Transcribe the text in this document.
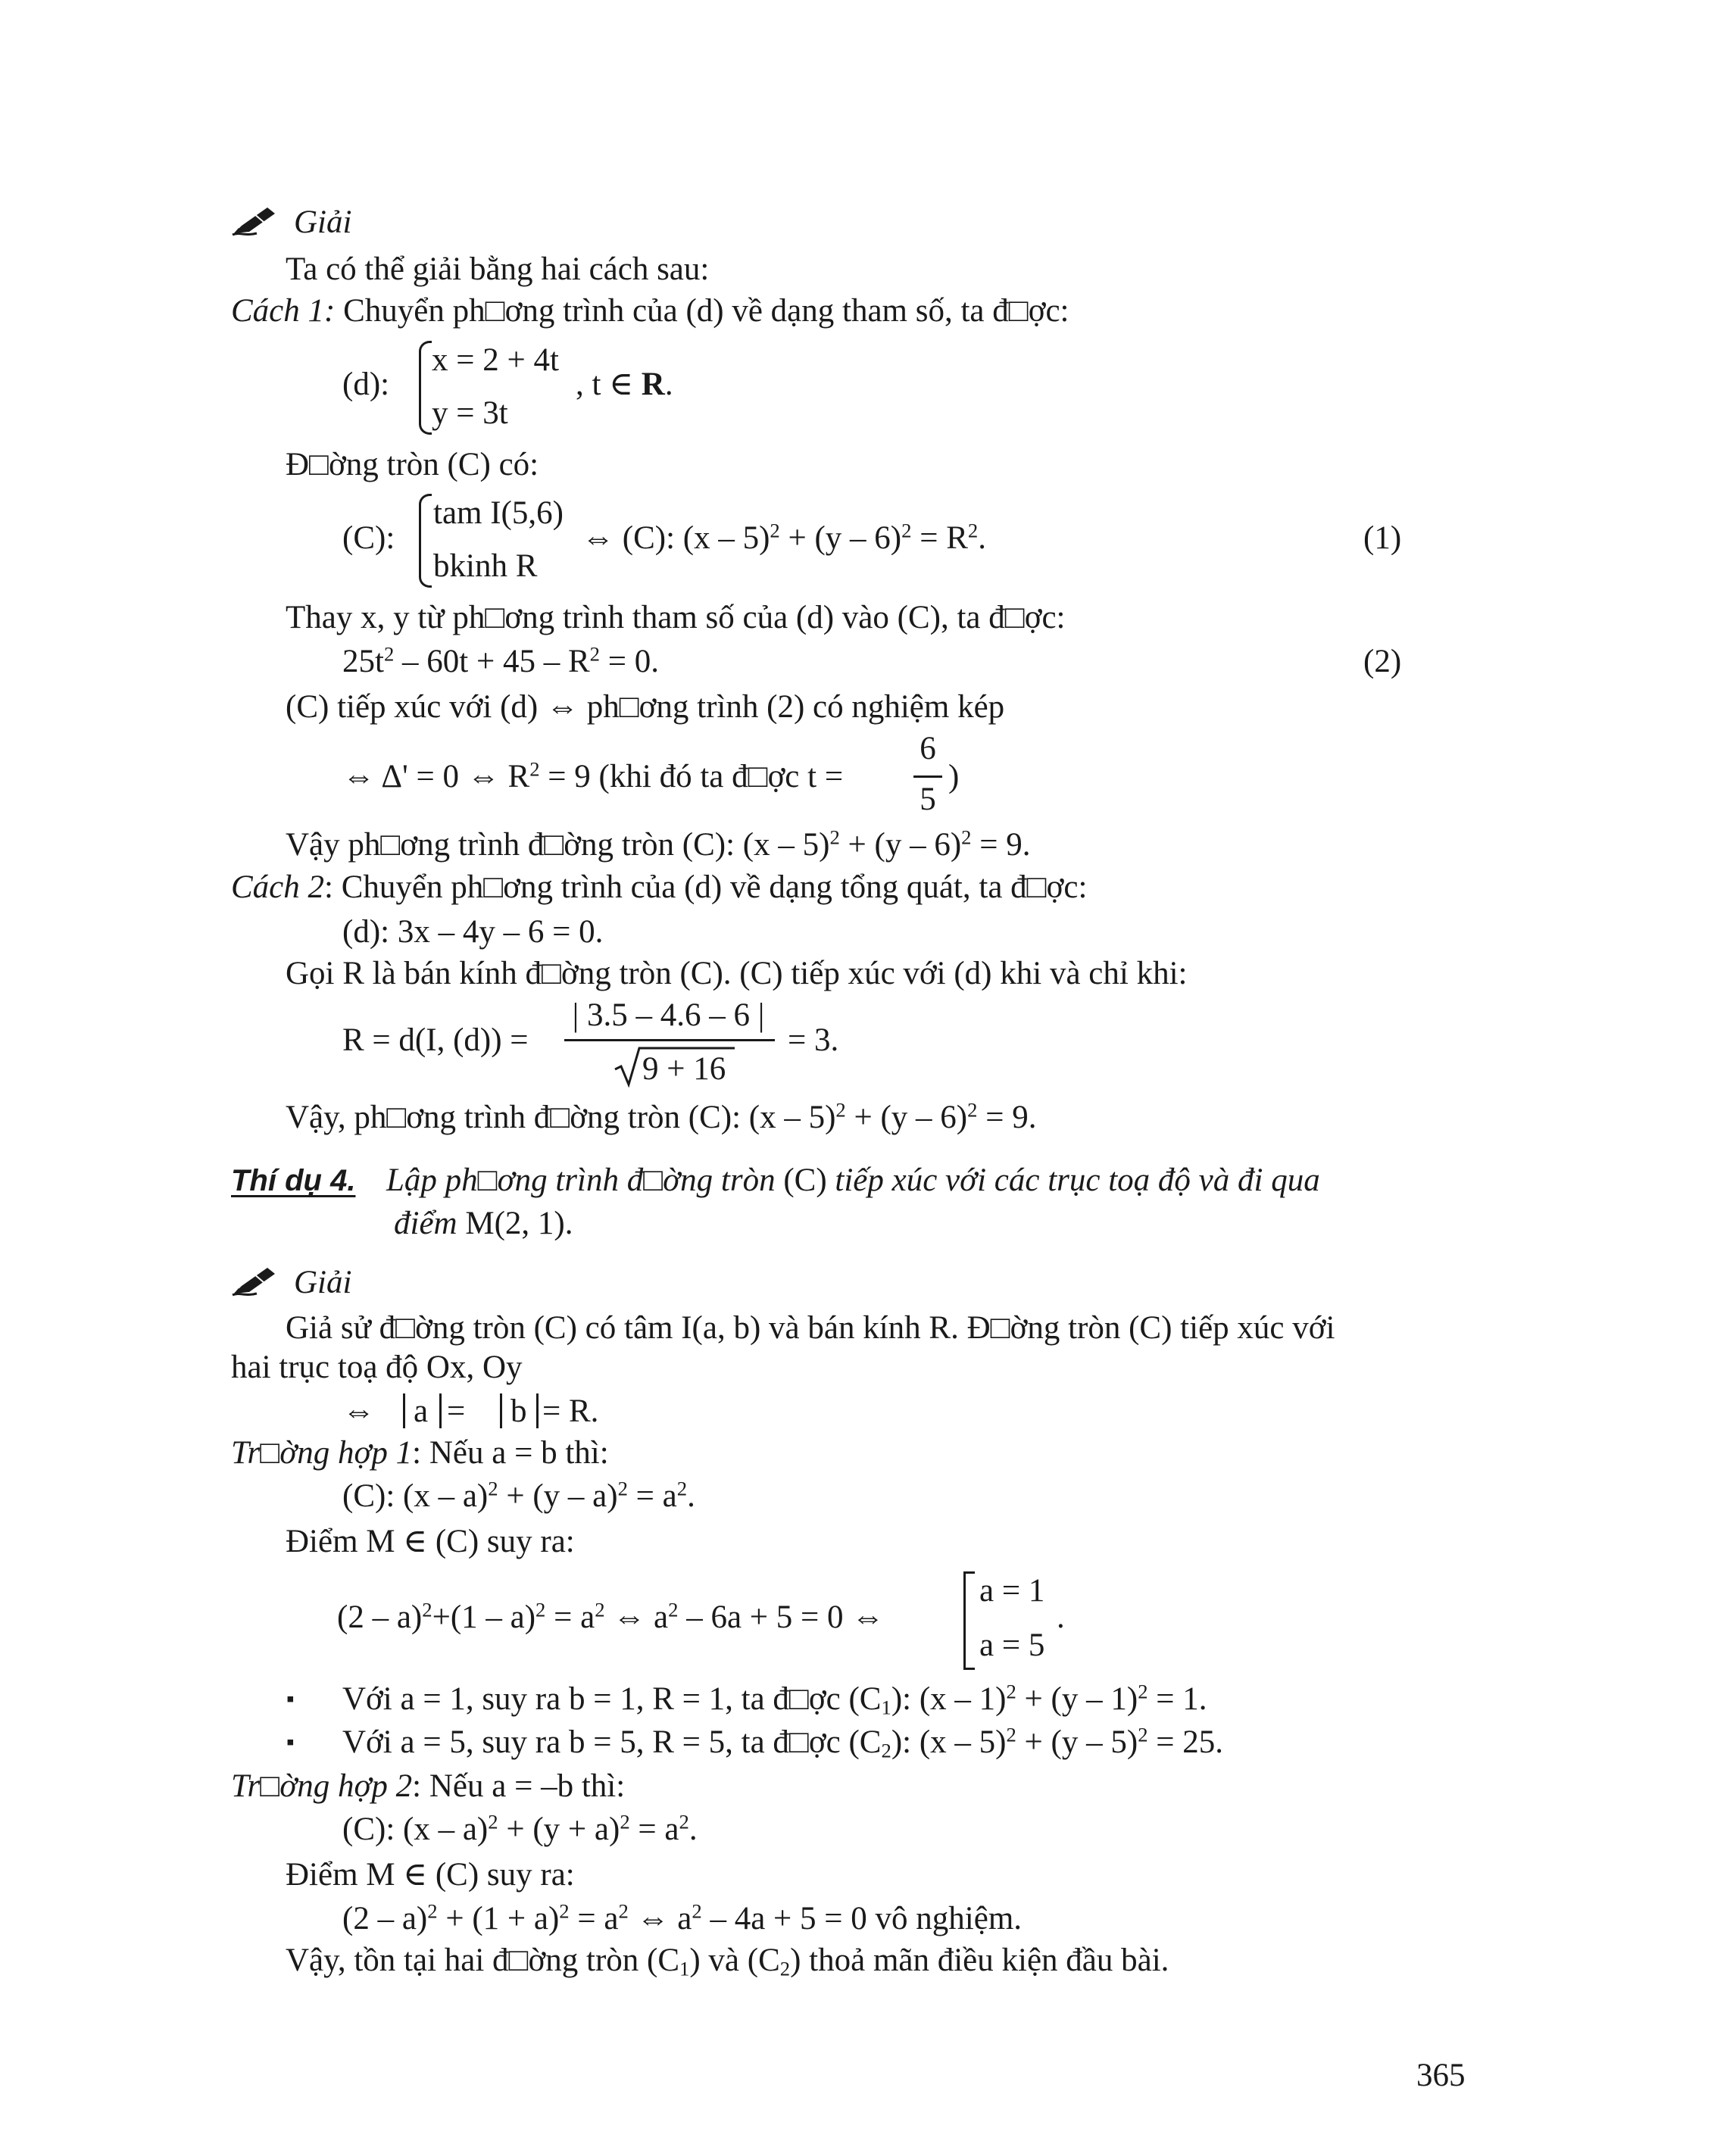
Giải
Ta có thể giải bằng hai cách sau:
Cách 1: Chuyển ph□ơng trình của (d) về dạng tham số, ta đ□ợc:
(d):
x = 2 + 4t
y = 3t
, t ∈ R.
Đ□ờng tròn (C) có:
(C):
tam I(5,6)
bkinh R
⇔ (C): $(x - 5)^2 + (y - 6)^2 = R^2$.	(1)
Thay x, y từ ph□ơng trình tham số của (d) vào (C), ta đ□ợc:
$25t^2 - 60t + 45 - R^2 = 0$.	(2)
(C) tiếp xúc với (d) ⇔ ph□ơng trình (2) có nghiệm kép
⇔ Δ' = 0 ⇔ $R^2 = 9$ (khi đó ta đ□ợc t =
6
5
)
Vậy ph□ơng trình đ□ờng tròn (C): (x – 5)$^2$ + (y – 6)$^2$ = 9.
Cách 2: Chuyển ph□ơng trình của (d) về dạng tổng quát, ta đ□ợc:
(d): 3x – 4y – 6 = 0.
Gọi R là bán kính đ□ờng tròn (C). (C) tiếp xúc với (d) khi và chỉ khi:
R = d(I, (d)) =
| 3.5 – 4.6 – 6 |
9 + 16
= 3.
Vậy, ph□ơng trình đ□ờng tròn (C): (x – 5)$^2$ + (y – 6)$^2$ = 9.
Thí dụ 4. Lập ph□ơng trình đ□ờng tròn (C) tiếp xúc với các trục toạ độ và đi qua
điểm M(2, 1).
Giải
Giả sử đ□ờng tròn (C) có tâm I(a, b) và bán kính R. Đ□ờng tròn (C) tiếp xúc với
hai trục toạ độ Ox, Oy
⇔ a = b = R.
Tr□ờng hợp 1: Nếu a = b thì:
(C): $(x - a)^2 + (y - a)^2 = a^2$.
Điểm M ∈ (C) suy ra:
$(2 - a)^2+(1 - a)^2 = a^2$ ⇔ $a^2 - 6a + 5 = 0$ ⇔
a = 1
a = 5
.
▪ Với a = 1, suy ra b = 1, R = 1, ta đ□ợc $(C_1)$: (x – 1)$^2$ + (y – 1)$^2$ = 1.
▪ Với a = 5, suy ra b = 5, R = 5, ta đ□ợc $(C_2)$: (x – 5)$^2$ + (y – 5)$^2$ = 25.
Tr□ờng hợp 2: Nếu a = –b thì:
(C): $(x - a)^2 + (y + a)^2 = a^2$.
Điểm M ∈ (C) suy ra:
$(2 - a)^2 + (1 + a)^2 = a^2$ ⇔ $a^2 - 4a + 5 = 0$ vô nghiệm.
Vậy, tồn tại hai đ□ờng tròn $(C_1)$ và $(C_2)$ thoả mãn điều kiện đầu bài.
365
